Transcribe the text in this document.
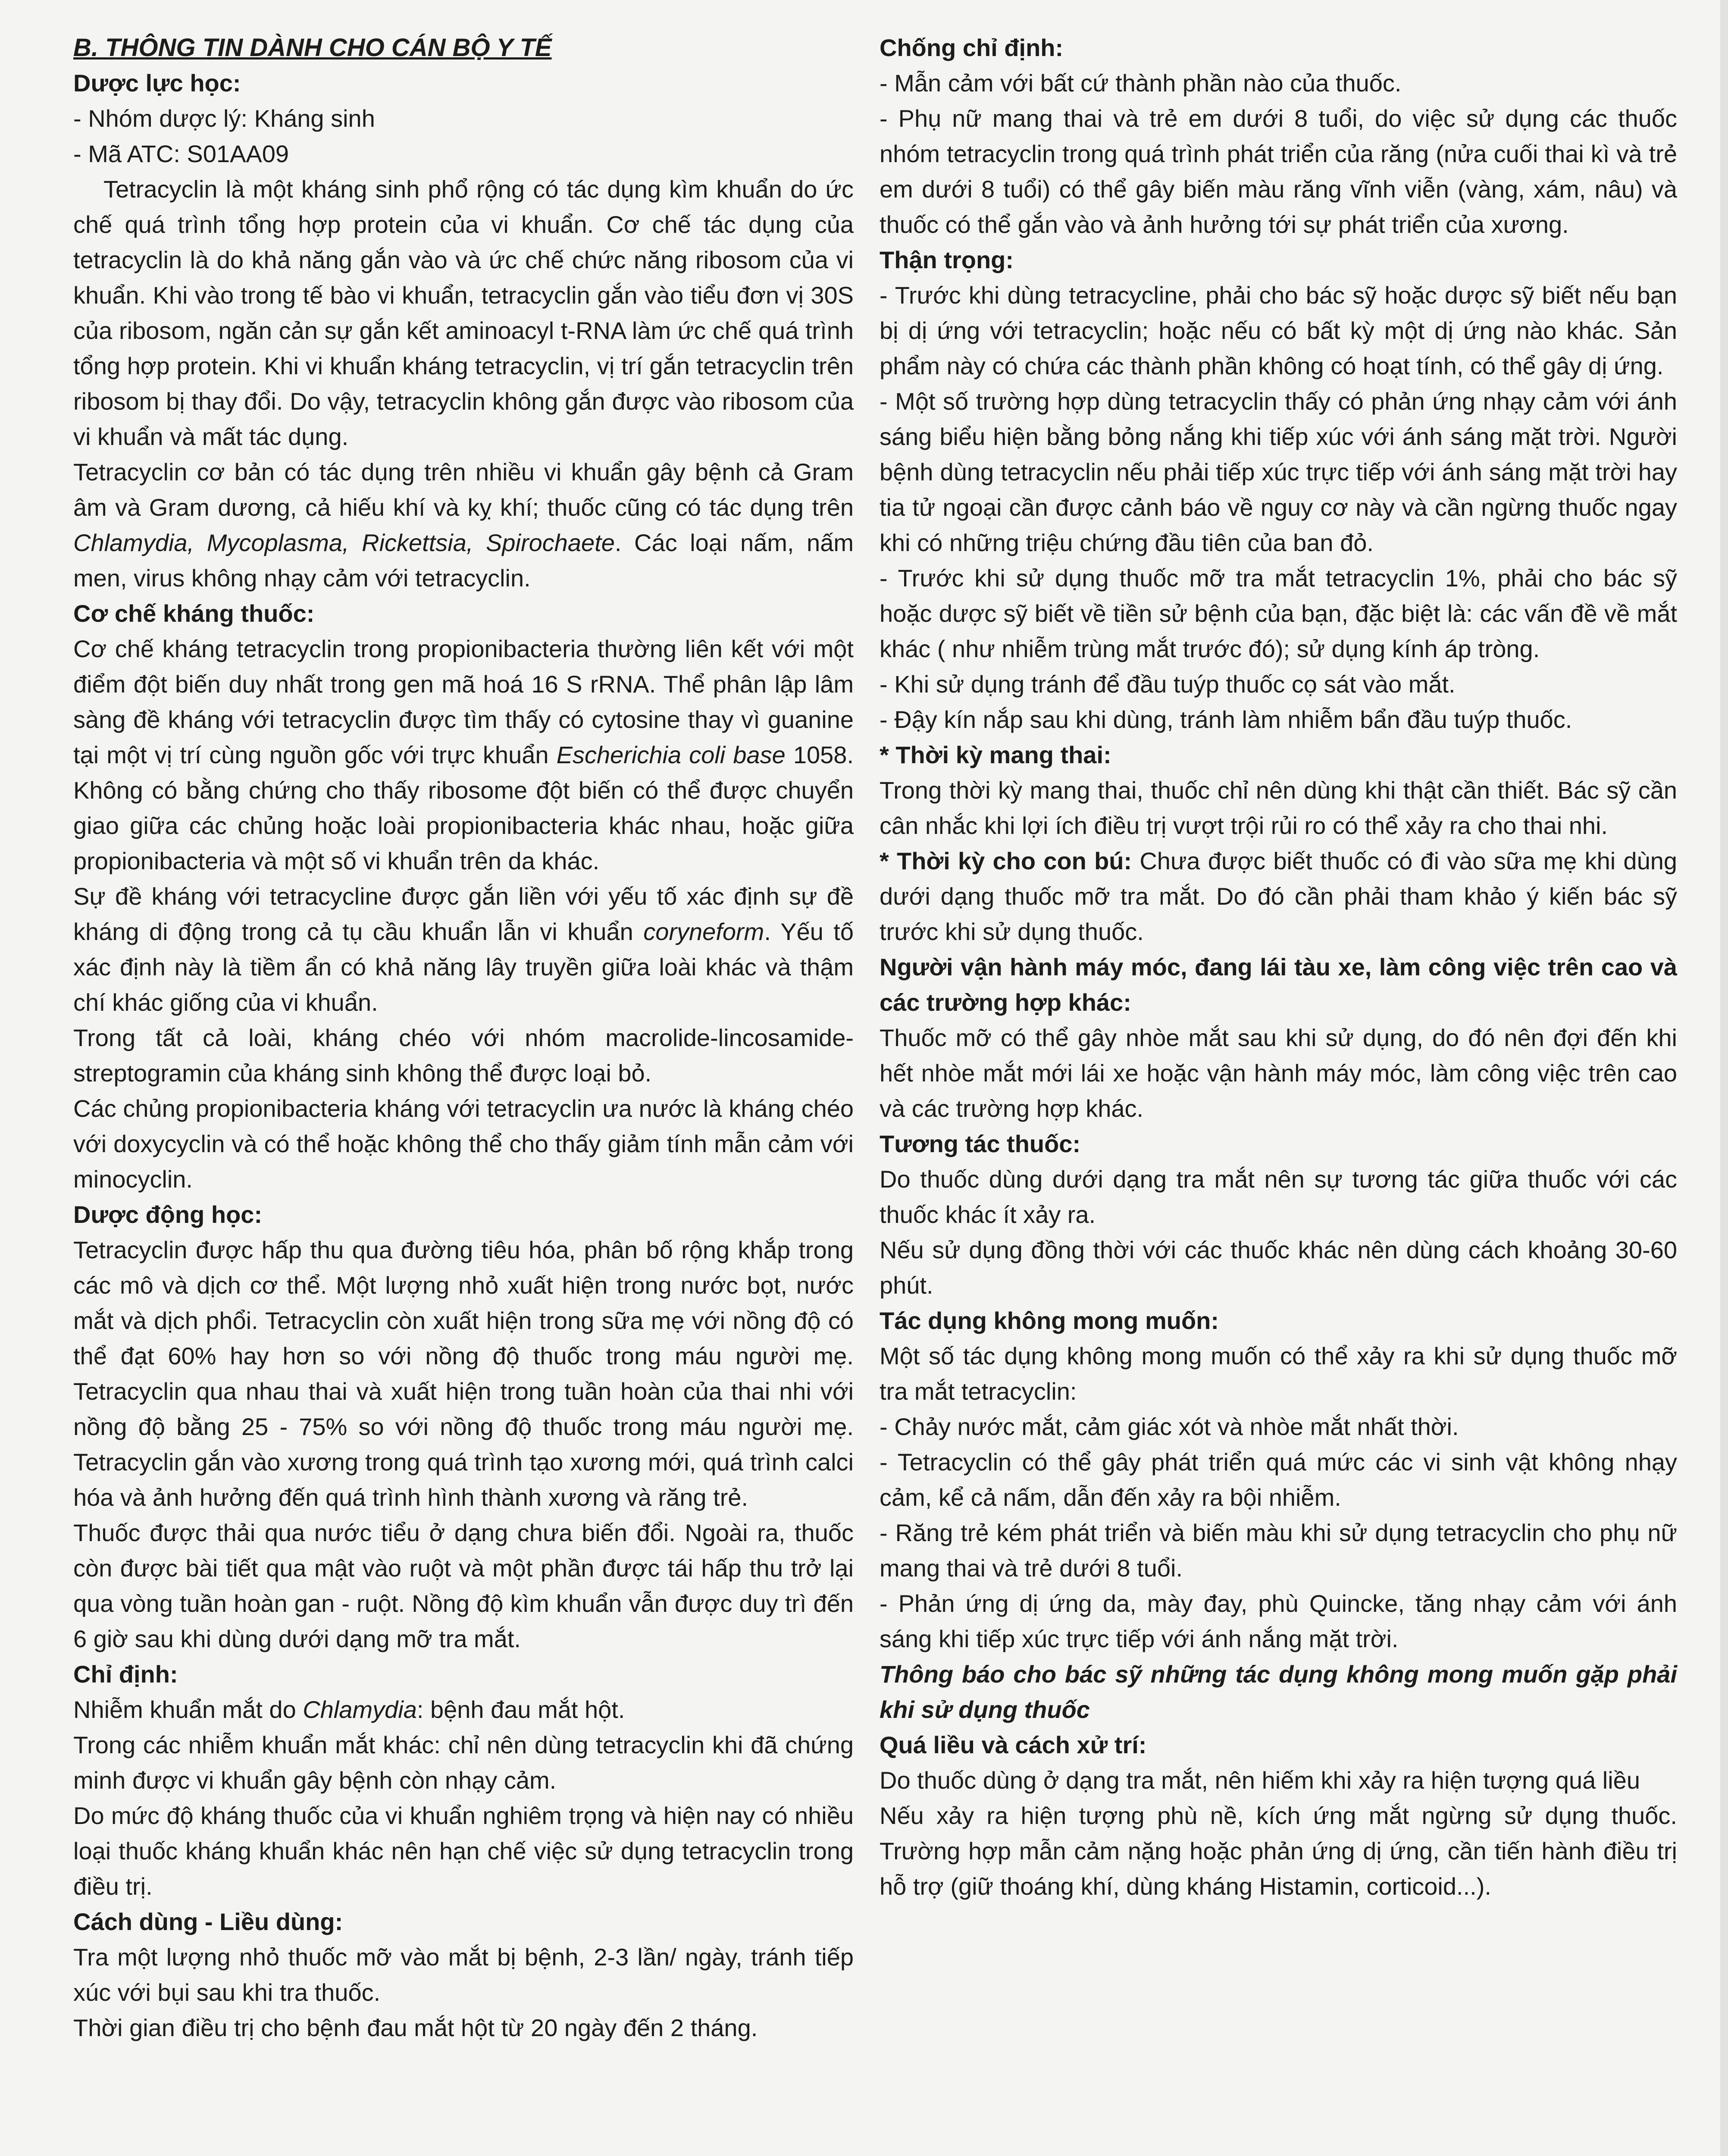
B. THÔNG TIN DÀNH CHO CÁN BỘ Y TẾ

Dược lực học:

- Nhóm dược lý: Kháng sinh

- Mã ATC: S01AA09

Tetracyclin là một kháng sinh phổ rộng có tác dụng kìm khuẩn do ức chế quá trình tổng hợp protein của vi khuẩn. Cơ chế tác dụng của tetracyclin là do khả năng gắn vào và ức chế chức năng ribosom của vi khuẩn. Khi vào trong tế bào vi khuẩn, tetracyclin gắn vào tiểu đơn vị 30S của ribosom, ngăn cản sự gắn kết aminoacyl t-RNA làm ức chế quá trình tổng hợp protein. Khi vi khuẩn kháng tetracyclin, vị trí gắn tetracyclin trên ribosom bị thay đổi. Do vậy, tetracyclin không gắn được vào ribosom của vi khuẩn và mất tác dụng.

Tetracyclin cơ bản có tác dụng trên nhiều vi khuẩn gây bệnh cả Gram âm và Gram dương, cả hiếu khí và kỵ khí; thuốc cũng có tác dụng trên Chlamydia, Mycoplasma, Rickettsia, Spirochaete. Các loại nấm, nấm men, virus không nhạy cảm với tetracyclin.

Cơ chế kháng thuốc:

Cơ chế kháng tetracyclin trong propionibacteria thường liên kết với một điểm đột biến duy nhất trong gen mã hoá 16 S rRNA. Thể phân lập lâm sàng đề kháng với tetracyclin được tìm thấy có cytosine thay vì guanine tại một vị trí cùng nguồn gốc với trực khuẩn Escherichia coli base 1058. Không có bằng chứng cho thấy ribosome đột biến có thể được chuyển giao giữa các chủng hoặc loài propionibacteria khác nhau, hoặc giữa propionibacteria và một số vi khuẩn trên da khác.

Sự đề kháng với tetracycline được gắn liền với yếu tố xác định sự đề kháng di động trong cả tụ cầu khuẩn lẫn vi khuẩn coryneform. Yếu tố xác định này là tiềm ẩn có khả năng lây truyền giữa loài khác và thậm chí khác giống của vi khuẩn.

Trong tất cả loài, kháng chéo với nhóm macrolide-lincosamide-streptogramin của kháng sinh không thể được loại bỏ.

Các chủng propionibacteria kháng với tetracyclin ưa nước là kháng chéo với doxycyclin và có thể hoặc không thể cho thấy giảm tính mẫn cảm với minocyclin.

Dược động học:

Tetracyclin được hấp thu qua đường tiêu hóa, phân bố rộng khắp trong các mô và dịch cơ thể. Một lượng nhỏ xuất hiện trong nước bọt, nước mắt và dịch phổi. Tetracyclin còn xuất hiện trong sữa mẹ với nồng độ có thể đạt 60% hay hơn so với nồng độ thuốc trong máu người mẹ. Tetracyclin qua nhau thai và xuất hiện trong tuần hoàn của thai nhi với nồng độ bằng 25 - 75% so với nồng độ thuốc trong máu người mẹ. Tetracyclin gắn vào xương trong quá trình tạo xương mới, quá trình calci hóa và ảnh hưởng đến quá trình hình thành xương và răng trẻ.

Thuốc được thải qua nước tiểu ở dạng chưa biến đổi. Ngoài ra, thuốc còn được bài tiết qua mật vào ruột và một phần được tái hấp thu trở lại qua vòng tuần hoàn gan - ruột. Nồng độ kìm khuẩn vẫn được duy trì đến 6 giờ sau khi dùng dưới dạng mỡ tra mắt.

Chỉ định:

Nhiễm khuẩn mắt do Chlamydia: bệnh đau mắt hột.

Trong các nhiễm khuẩn mắt khác: chỉ nên dùng tetracyclin khi đã chứng minh được vi khuẩn gây bệnh còn nhạy cảm.

Do mức độ kháng thuốc của vi khuẩn nghiêm trọng và hiện nay có nhiều loại thuốc kháng khuẩn khác nên hạn chế việc sử dụng tetracyclin trong điều trị.

Cách dùng - Liều dùng:

Tra một lượng nhỏ thuốc mỡ vào mắt bị bệnh, 2-3 lần/ ngày, tránh tiếp xúc với bụi sau khi tra thuốc.

Thời gian điều trị cho bệnh đau mắt hột từ 20 ngày đến 2 tháng.

Chống chỉ định:

- Mẫn cảm với bất cứ thành phần nào của thuốc.

- Phụ nữ mang thai và trẻ em dưới 8 tuổi, do việc sử dụng các thuốc nhóm tetracyclin trong quá trình phát triển của răng (nửa cuối thai kì và trẻ em dưới 8 tuổi) có thể gây biến màu răng vĩnh viễn (vàng, xám, nâu) và thuốc có thể gắn vào và ảnh hưởng tới sự phát triển của xương.

Thận trọng:

- Trước khi dùng tetracycline, phải cho bác sỹ hoặc dược sỹ biết nếu bạn bị dị ứng với tetracyclin; hoặc nếu có bất kỳ một dị ứng nào khác. Sản phẩm này có chứa các thành phần không có hoạt tính, có thể gây dị ứng.

- Một số trường hợp dùng tetracyclin thấy có phản ứng nhạy cảm với ánh sáng biểu hiện bằng bỏng nắng khi tiếp xúc với ánh sáng mặt trời. Người bệnh dùng tetracyclin nếu phải tiếp xúc trực tiếp với ánh sáng mặt trời hay tia tử ngoại cần được cảnh báo về nguy cơ này và cần ngừng thuốc ngay khi có những triệu chứng đầu tiên của ban đỏ.

- Trước khi sử dụng thuốc mỡ tra mắt tetracyclin 1%, phải cho bác sỹ hoặc dược sỹ biết về tiền sử bệnh của bạn, đặc biệt là: các vấn đề về mắt khác ( như nhiễm trùng mắt trước đó); sử dụng kính áp tròng.

- Khi sử dụng tránh để đầu tuýp thuốc cọ sát vào mắt.

- Đậy kín nắp sau khi dùng, tránh làm nhiễm bẩn đầu tuýp thuốc.

* Thời kỳ mang thai:

Trong thời kỳ mang thai, thuốc chỉ nên dùng khi thật cần thiết. Bác sỹ cần cân nhắc khi lợi ích điều trị vượt trội rủi ro có thể xảy ra cho thai nhi.

* Thời kỳ cho con bú: Chưa được biết thuốc có đi vào sữa mẹ khi dùng dưới dạng thuốc mỡ tra mắt. Do đó cần phải tham khảo ý kiến bác sỹ trước khi sử dụng thuốc.

Người vận hành máy móc, đang lái tàu xe, làm công việc trên cao và các trường hợp khác:

Thuốc mỡ có thể gây nhòe mắt sau khi sử dụng, do đó nên đợi đến khi hết nhòe mắt mới lái xe hoặc vận hành máy móc, làm công việc trên cao và các trường hợp khác.

Tương tác thuốc:

Do thuốc dùng dưới dạng tra mắt nên sự tương tác giữa thuốc với các thuốc khác ít xảy ra.

Nếu sử dụng đồng thời với các thuốc khác nên dùng cách khoảng 30-60 phút.

Tác dụng không mong muốn:

Một số tác dụng không mong muốn có thể xảy ra khi sử dụng thuốc mỡ tra mắt tetracyclin:

- Chảy nước mắt, cảm giác xót và nhòe mắt nhất thời.

- Tetracyclin có thể gây phát triển quá mức các vi sinh vật không nhạy cảm, kể cả nấm, dẫn đến xảy ra bội nhiễm.

- Răng trẻ kém phát triển và biến màu khi sử dụng tetracyclin cho phụ nữ mang thai và trẻ dưới 8 tuổi.

- Phản ứng dị ứng da, mày đay, phù Quincke, tăng nhạy cảm với ánh sáng khi tiếp xúc trực tiếp với ánh nắng mặt trời.

Thông báo cho bác sỹ những tác dụng không mong muốn gặp phải khi sử dụng thuốc

Quá liều và cách xử trí:

Do thuốc dùng ở dạng tra mắt, nên hiếm khi xảy ra hiện tượng quá liều

Nếu xảy ra hiện tượng phù nề, kích ứng mắt ngừng sử dụng thuốc. Trường hợp mẫn cảm nặng hoặc phản ứng dị ứng, cần tiến hành điều trị hỗ trợ (giữ thoáng khí, dùng kháng Histamin, corticoid...).
